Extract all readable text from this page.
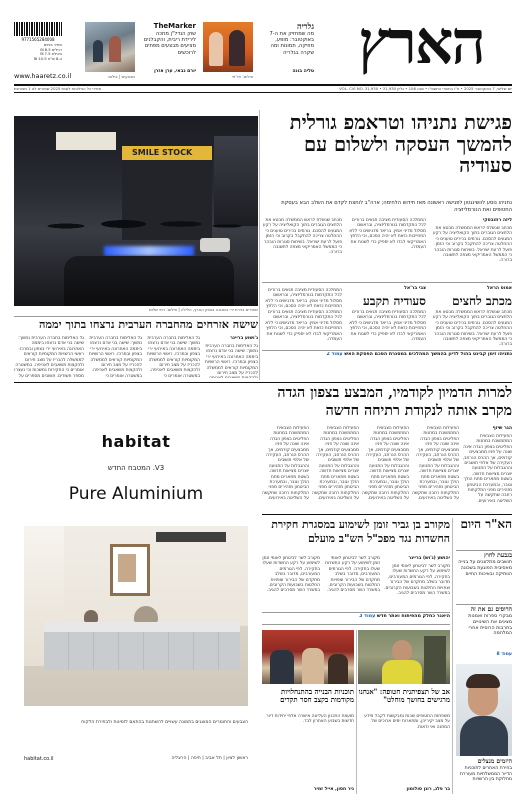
9771565284008
מחיר בימים
רגילים 8.5 ₪
באילת 7.5 ₪
ב-8 ש"ח 10.5 ₪
www.haaretz.co.il
TheMarker
שוק הנדל"ן מחכה לירידת ריבית, והקבלנים מציעים מבצעים מפתים לרוכשים
יורם גבאי, ערן אזרן
מבצעים | צילום
גלריה
מה שמחזיק את ה-7 באוקטובר: מופע, מוזיקה, תמונות ומה שקרה בגלריה
טליה בונה
צילום: איי־פי	הארץ
מחירי כל הגיליונות לשנת 2025 שמורים לנו 1 מצורפת	יום שלישי, 7 באוקטובר 2025 • ט"ו בתשרי התשפ"ו • שנה 106 • גליון 31,930 • VOL. CVI NO. 31,930
SMILE STOCK
שוטרים בזירת ירי בשכונה בצפון הארץ, הלילה | צילום: רמי שלוש
פגישת נתניהו וטראמפ גורלית להמשך העסקה ולשלום עם סעודיה
נתניהו נוסע לוושינגטון לפגישה ראשונה מאז חידוש הלחימה; ארה"ב לוחצת לקדם את השלב הבא בעסקת החטופים ואת הנורמליזציה
ליזה רוזובסקי
מכתב שנשלח לראש הממשלה מבטא את הלחצים הגוברים בתוך הקואליציה על רקע המגעים להסכם. גורמים בכירים טוענים כי ההחלטה צריכה להתקבל בקרוב וכי הזמן פועל לרעת ישראל. בשיחות סגורות הובהר כי הממשל האמריקאי מצפה לתשובה ברורה.
הממלכה הסעודית מציבה תנאים ברורים לכל התקדמות בנורמליזציה, ובראשם מסלול מדיני אמין. בריאד מדגישים כי ללא התחייבות כזאת לא יהיה הסכם, וכי הלחץ האמריקאי לבדו לא יספיק כדי לשנות את העמדה.
מכתב שנשלח לראש הממשלה מבטא את הלחצים הגוברים בתוך הקואליציה על רקע המגעים להסכם. גורמים בכירים טוענים כי ההחלטה צריכה להתקבל בקרוב וכי הזמן פועל לרעת ישראל. בשיחות סגורות הובהר כי הממשל האמריקאי מצפה לתשובה ברורה.
אמוס הראל
מכתב לחצים
צבי בר'אל
סעודיה תקבע
הממלכה הסעודית מציבה תנאים ברורים לכל התקדמות בנורמליזציה, ובראשם מסלול מדיני אמין. בריאד מדגישים כי ללא התחייבות כזאת לא יהיה הסכם, וכי הלחץ
מכתב שנשלח לראש הממשלה מבטא את הלחצים הגוברים בתוך הקואליציה על רקע המגעים להסכם. גורמים בכירים טוענים כי ההחלטה צריכה להתקבל בקרוב וכי הזמן פועל לרעת ישראל. בשיחות סגורות הובהר כי הממשל האמריקאי מצפה לתשובה ברורה.
הממלכה הסעודית מציבה תנאים ברורים לכל התקדמות בנורמליזציה, ובראשם מסלול מדיני אמין. בריאד מדגישים כי ללא התחייבות כזאת לא יהיה הסכם, וכי הלחץ האמריקאי לבדו לא יספיק כדי לשנות את העמדה.
הממלכה הסעודית מציבה תנאים ברורים לכל התקדמות בנורמליזציה, ובראשם מסלול מדיני אמין. בריאד מדגישים כי ללא התחייבות כזאת לא יהיה הסכם, וכי הלחץ האמריקאי לבדו לא יספיק כדי לשנות את העמדה.
שישה אזרחים מהחברה הערבית נרצחו בתוך יממה
ג'ושוע בריינר
גל האלימות בחברה הערבית נמשך: שישה בני אדם נרצחו ביממה האחרונה באירועי ירי בצפון ובמרכז. ראשי הרשויות המקומיות קוראים לממשלה להכריז על מצב חירום
גל האלימות בחברה הערבית נמשך: שישה בני אדם נרצחו ביממה האחרונה באירועי ירי בצפון ובמרכז. ראשי הרשויות המקומיות קוראים לממשלה להכריז על מצב חירום ולהקצות משאבים לאכיפה. במשטרה אומרים כי
גל האלימות בחברה הערבית נמשך: שישה בני אדם נרצחו ביממה האחרונה באירועי ירי בצפון ובמרכז. ראשי הרשויות המקומיות קוראים לממשלה להכריז על מצב חירום ולהקצות משאבים לאכיפה. במשטרה אומרים כי
גל האלימות בחברה הערבית נמשך: שישה בני אדם נרצחו ביממה האחרונה באירועי ירי בצפון ובמרכז. ראשי הרשויות המקומיות קוראים לממשלה להכריז על מצב חירום ולהקצות משאבים לאכיפה. במשטרה אומרים כי החקירות נמשכות וכי נעצרו מספר חשודים. תושבים מספרים על
נתניהו זימן קבינט בהול לדיון בהמשך המהלכים במסגרת הסכם הפסקת האש עמוד 2
למרות הדמיון לקודמיו, המבצע בצפון הגדה מקרב אותה לנקודת רתיחה חדשה
הגר שיזף
הפעילות הצבאית המתמשכת במחנות הפליטים בצפון הגדה אינה שונה על פניו ממבצעים קודמים, אך ההרס הנרחב, העקירה של אלפי תושבים וההגבלות על התנועה יוצרים מציאות חדשה. בשטח מתארים מתח הולך וגובר, ובמערכת הביטחון מזהירים מפני התלקחות רחבה שתקשה על השליטה באירועים.
הפעילות הצבאית המתמשכת במחנות הפליטים בצפון הגדה אינה שונה על פניו ממבצעים קודמים, אך ההרס הנרחב, העקירה של אלפי תושבים וההגבלות על התנועה יוצרים מציאות חדשה. בשטח מתארים מתח הולך וגובר, ובמערכת הביטחון מזהירים מפני התלקחות רחבה שתקשה על השליטה באירועים.
הפעילות הצבאית המתמשכת במחנות הפליטים בצפון הגדה אינה שונה על פניו ממבצעים קודמים, אך ההרס הנרחב, העקירה של אלפי תושבים וההגבלות על התנועה יוצרים מציאות חדשה. בשטח מתארים מתח הולך וגובר, ובמערכת הביטחון מזהירים מפני התלקחות רחבה שתקשה על השליטה באירועים.
הפעילות הצבאית המתמשכת במחנות הפליטים בצפון הגדה אינה שונה על פניו ממבצעים קודמים, אך ההרס הנרחב, העקירה של אלפי תושבים וההגבלות על התנועה יוצרים מציאות חדשה. בשטח מתארים מתח הולך וגובר, ובמערכת הביטחון מזהירים מפני התלקחות רחבה שתקשה על השליטה באירועים.
הפעילות הצבאית המתמשכת במחנות הפליטים בצפון הגדה אינה שונה על פניו ממבצעים קודמים, אך ההרס הנרחב, העקירה של אלפי תושבים וההגבלות על התנועה יוצרים מציאות חדשה. בשטח מתארים מתח הולך וגובר, ובמערכת הביטחון מזהירים מפני התלקחות רחבה שתקשה על השליטה באירועים.
הא"ר היום
בגבעת לחוץ
תושבים מתלוננים על בנייה מאסיבית הפוגעת בשכונה הוותיקה ובאיכות החיים
הרוסים גם את זה
מבקרי ספרות ואמנות מציגים את השינויים בתרבות הרוסית אחרי המלחמה
עמוד 8
היזמים מנצלים
בחירת האתרים לתוכניות הדיור הממשלתיות מעוררת מחלוקת בין הרשויות
מקורב בן גביר זומן לשימוע במסגרת חקירת החשדות נגד מפכ"ל הש"ב מועלם
יהושע (ג'וש) בריינר
מקורב לשר לביטחון לאומי זומן לשימוע על רקע החשדות שעלו בחקירה. לפי הגורמים המעורבים, מדובר בשלב מתקדם של הבירור וצפויות החלטות בשבועות הקרובים. במשרד השר מסרבים להגיב.
מקורב לשר לביטחון לאומי זומן לשימוע על רקע החשדות שעלו בחקירה. לפי הגורמים המעורבים, מדובר בשלב מתקדם של הבירור וצפויות החלטות בשבועות הקרובים. במשרד השר מסרבים להגיב.
מקורב לשר לביטחון לאומי זומן לשימוע על רקע החשדות שעלו בחקירה. לפי הגורמים המעורבים, מדובר בשלב מתקדם של הבירור וצפויות החלטות בשבועות הקרובים. במשרד השר מסרבים להגיב.
היאנר כחלק מהפיתוח ואתר חדש עמוד 3
אב של תצפיתנית חטופה: "אנחנו מרגישים בחושך מוחלט"
משפחות החטופים שבות ומבקשות לקבל מידע על מצב יקיריהן, ומתארות ימים ארוכים של המתנה ואי ודאות.
בר פלג, רונן סולומון
תוכניות הבנייה בהתנחלויות מקודמות בקצב חסר תקדים
מועצת התכנון העליונה אישרה אלפי יחידות דיור חדשות בשבוע האחרון לבד.
ניר חסון, אייל זמיר
habitat
V3. המטבח החדש
Pure Aluminium
הצבעים והחומרים המוצגים בתמונה עשויים להשתנות בהתאם לזמינות ולבחירת הלקוח
habitat.co.il	ראשון לציון | תל אביב | חיפה | הרצליה
